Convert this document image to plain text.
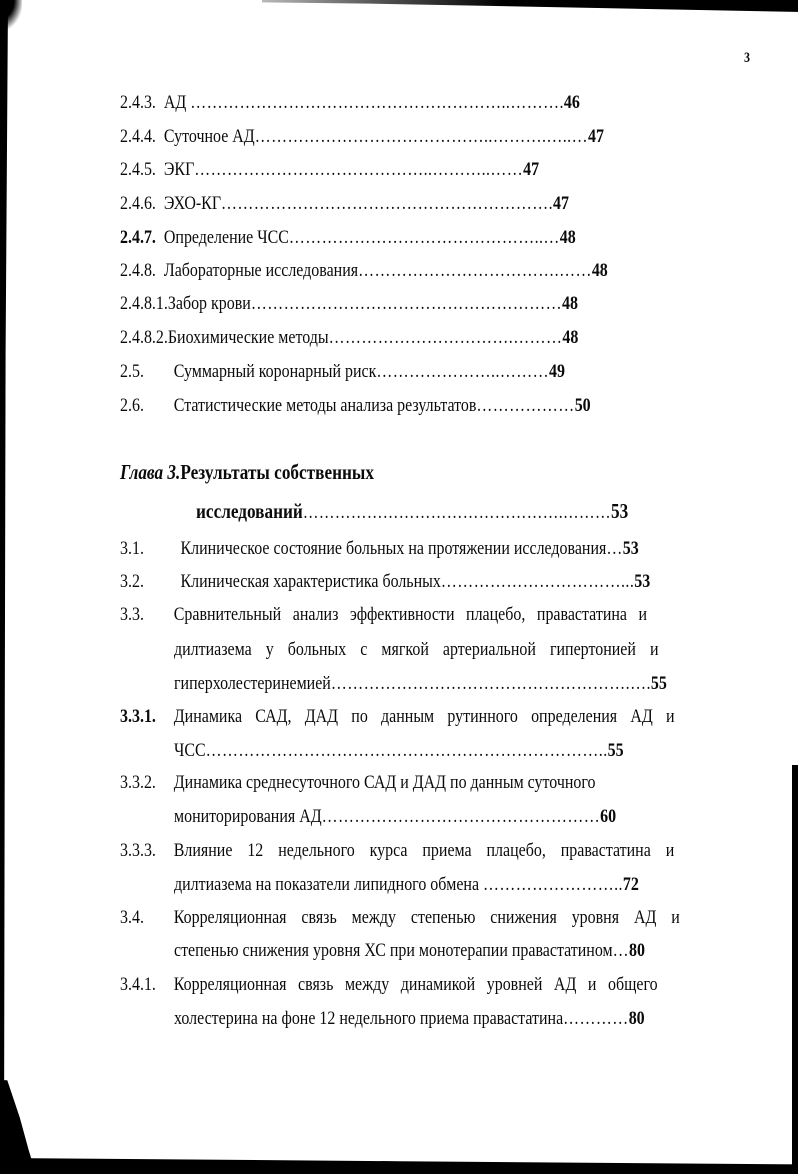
3
2.4.3. АД …………………………………………………..……….46
2.4.4. Суточное АД……………………………………..……….…..…47
2.4.5. ЭКГ……………………………………..………..……47
2.4.6. ЭХО-КГ…………………………………………………….47
2.4.7. Определение ЧСС………………………………………..…48
2.4.8. Лабораторные исследования……………………………….……48
2.4.8.1.Забор крови…………………………………………………48
2.4.8.2.Биохимические методы…………………………….………48
2.5. Суммарный коронарный риск…………………..………49
2.6. Статистические методы анализа результатов………………50
Глава 3.Результаты собственных
исследований………………………………………….………53
3.1. Клиническое состояние больных на протяжении исследования…53
3.2. Клиническая характеристика больных……………………………...53
3.3. Сравнительный анализ эффективности плацебо, правастатина и
дилтиазема у больных с мягкой артериальной гипертонией и
гиперхолестеринемией……………………………………………….….55
3.3.1. Динамика САД, ДАД по данным рутинного определения АД и
ЧСС………………………………………………………………..55
3.3.2. Динамика среднесуточного САД и ДАД по данным суточного
мониторирования АД……………………………………………60
3.3.3. Влияние 12 недельного курса приема плацебо, правастатина и
дилтиазема на показатели липидного обмена ……………………..72
3.4. Корреляционная связь между степенью снижения уровня АД и
степенью снижения уровня ХС при монотерапии правастатином…80
3.4.1. Корреляционная связь между динамикой уровней АД и общего
холестерина на фоне 12 недельного приема правастатина…………80
